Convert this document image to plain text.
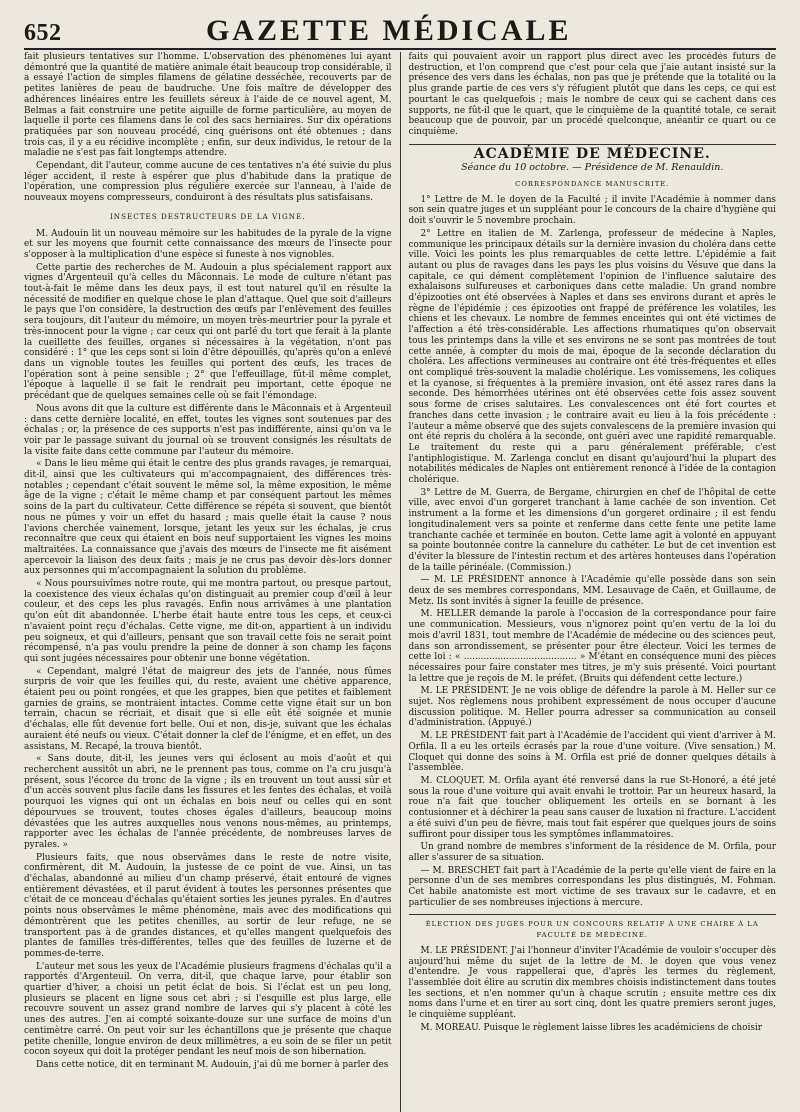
652	GAZETTE MÉDICALE

fait plusieurs tentatives sur l'homme. L'observation des phénomènes lui ayant démontré que la quantité de matière animale était beaucoup trop considérable, il a essayé l'action de simples filamens de gélatine desséchée, recouverts par de petites lanières de peau de baudruche. Une fois maître de développer des adhérences linéaires entre les feuillets séreux à l'aide de ce nouvel agent, M. Belmas a fait construire une petite aiguille de forme particulière, au moyen de laquelle il porte ces filamens dans le col des sacs herniaires. Sur dix opérations pratiquées par son nouveau procédé, cinq guérisons ont été obtenues ; dans trois cas, il y a eu récidive incomplète ; enfin, sur deux individus, le retour de la maladie ne s'est pas fait longtemps attendre.

Cependant, dit l'auteur, comme aucune de ces tentatives n'a été suivie du plus léger accident, il reste à espérer que plus d'habitude dans la pratique de l'opération, une compression plus régulière exercée sur l'anneau, à l'aide de nouveaux moyens compresseurs, conduiront à des résultats plus satisfaisans.

INSECTES DESTRUCTEURS DE LA VIGNE.

M. Audouin lit un nouveau mémoire sur les habitudes de la pyrale de la vigne et sur les moyens que fournit cette connaissance des mœurs de l'insecte pour s'opposer à la multiplication d'une espèce si funeste à nos vignobles.

Cette partie des recherches de M. Audouin a plus spécialement rapport aux vignes d'Argenteuil qu'à celles du Mâconnais. Le mode de culture n'étant pas tout-à-fait le même dans les deux pays, il est tout naturel qu'il en résulte la nécessité de modifier en quelque chose le plan d'attaque. Quel que soit d'ailleurs le pays que l'on considère, la destruction des œufs par l'enlèvement des feuilles sera toujours, dit l'auteur du mémoire, un moyen très-meurtrier pour la pyrale et très-innocent pour la vigne ; car ceux qui ont parlé du tort que ferait à la plante la cueillette des feuilles, organes si nécessaires à la végétation, n'ont pas considéré : 1° que les ceps sont si loin d'être dépouillés, qu'après qu'on a enlevé dans un vignoble toutes les feuilles qui portent des œufs, les traces de l'opération sont à peine sensible ; 2° que l'effeuillage, fût-il même complet, l'époque à laquelle il se fait le rendrait peu important, cette époque ne précédant que de quelques semaines celle où se fait l'émondage.

Nous avons dit que la culture est différente dans le Mâconnais et à Argenteuil : dans cette dernière localité, en effet, toutes les vignes sont soutenues par des échalas ; or, la présence de ces supports n'est pas indifférente, ainsi qu'on va le voir par le passage suivant du journal où se trouvent consignés les résultats de la visite faite dans cette commune par l'auteur du mémoire.

« Dans le lieu même qui était le centre des plus grands ravages, je remarquai, dit-il, ainsi que les cultivateurs qui m'accompagnaient, des différences très-notables ; cependant c'était souvent le même sol, la même exposition, le même âge de la vigne ; c'était le même champ et par conséquent partout les mêmes soins de la part du cultivateur. Cette différence se répéta si souvent, que bientôt nous ne pûmes y voir un effet du hasard ; mais quelle était la cause ? nous l'avions cherchée vainement, lorsque, jetant les yeux sur les échalas, je crus reconnaître que ceux qui étaient en bois neuf supportaient les vignes les moins maltraitées. La connaissance que j'avais des mœurs de l'insecte me fit aisément apercevoir la liaison des deux faits ; mais je ne crus pas devoir dès-lors donner aux personnes qui m'accompagnaient la solution du problème.

« Nous poursuivîmes notre route, qui me montra partout, ou presque partout, la coexistence des vieux échalas qu'on distinguait au premier coup d'œil à leur couleur, et des ceps les plus ravagés. Enfin nous arrivâmes à une plantation qu'on eût dit abandonnée. L'herbe était haute entre tous les ceps, et ceux-ci n'avaient point reçu d'échalas. Cette vigne, me dit-on, appartient à un individu peu soigneux, et qui d'ailleurs, pensant que son travail cette fois ne serait point récompensé, n'a pas voulu prendre la peine de donner à son champ les façons qui sont jugées nécessaires pour obtenir une bonne végétation.

« Cependant, malgré l'état de maigreur des jets de l'année, nous fûmes surpris de voir que les feuilles qui, du reste, avaient une chétive apparence, étaient peu ou point rongées, et que les grappes, bien que petites et faiblement garnies de grains, se montraient intactes. Comme cette vigne était sur un bon terrain, chacun se récriait, et disait que si elle eût été soignée et munie d'échalas, elle fût devenue fort belle. Oui et non, dis-je, suivant que les échalas auraient été neufs ou vieux. C'était donner la clef de l'énigme, et en effet, un des assistans, M. Recapé, la trouva bientôt.

« Sans doute, dit-il, les jeunes vers qui éclosent au mois d'août et qui recherchent aussitôt un abri, ne le prennent pas tous, comme on l'a cru jusqu'à présent, sous l'écorce du tronc de la vigne ; ils en trouvent un tout aussi sûr et d'un accès souvent plus facile dans les fissures et les fentes des échalas, et voilà pourquoi les vignes qui ont un échalas en bois neuf ou celles qui en sont dépourvues se trouvent, toutes choses égales d'ailleurs, beaucoup moins dévastées que les autres auxquelles nous venons nous-mêmes, au printemps, rapporter avec les échalas de l'année précédente, de nombreuses larves de pyrales. »

Plusieurs faits, que nous observâmes dans le reste de notre visite, confirmèrent, dit M. Audouin, la justesse de ce point de vue. Ainsi, un tas d'échalas, abandonné au milieu d'un champ préservé, était entouré de vignes entièrement dévastées, et il parut évident à toutes les personnes présentes que c'était de ce monceau d'échalas qu'étaient sorties les jeunes pyrales. En d'autres points nous observâmes le même phénomène, mais avec des modifications qui démontrèrent que les petites chenilles, au sortir de leur refuge, ne se transportent pas à de grandes distances, et qu'elles mangent quelquefois des plantes de familles très-différentes, telles que des feuilles de luzerne et de pommes-de-terre.

L'auteur met sous les yeux de l'Académie plusieurs fragmens d'échalas qu'il a rapportés d'Argenteuil. On verra, dit-il, que chaque larve, pour établir son quartier d'hiver, a choisi un petit éclat de bois. Si l'éclat est un peu long, plusieurs se placent en ligne sous cet abri ; si l'esquille est plus large, elle recouvre souvent un assez grand nombre de larves qui s'y placent à côté les unes des autres. J'en ai compté soixante-douze sur une surface de moins d'un centimètre carré. On peut voir sur les échantillons que je présente que chaque petite chenille, longue environ de deux millimètres, a eu soin de se filer un petit cocon soyeux qui doit la protéger pendant les neuf mois de son hibernation.

Dans cette notice, dit en terminant M. Audouin, j'ai dû me borner à parler des

faits qui pouvaient avoir un rapport plus direct avec les procédés futurs de destruction, et l'on comprend que c'est pour cela que j'aie autant insisté sur la présence des vers dans les échalas, non pas que je prétende que la totalité ou la plus grande partie de ces vers s'y réfugient plutôt que dans les ceps, ce qui est pourtant le cas quelquefois ; mais le nombre de ceux qui se cachent dans ces supports, ne fût-il que le quart, que le cinquième de la quantité totale, ce serait beaucoup que de pouvoir, par un procédé quelconque, anéantir ce quart ou ce cinquième.

ACADÉMIE DE MÉDECINE.
Séance du 10 octobre. — Présidence de M. Renauldin.
CORRESPONDANCE MANUSCRITE.

1° Lettre de M. le doyen de la Faculté ; il invite l'Académie à nommer dans son sein quatre juges et un suppléant pour le concours de la chaire d'hygiène qui doit s'ouvrir le 5 novembre prochain.

2° Lettre en italien de M. Zarlenga, professeur de médecine à Naples, communique les principaux détails sur la dernière invasion du choléra dans cette ville. Voici les points les plus remarquables de cette lettre. L'épidémie a fait autant ou plus de ravages dans les pays les plus voisins du Vésuve que dans la capitale, ce qui dément complètement l'opinion de l'influence salutaire des exhalaisons sulfureuses et carboniques dans cette maladie. Un grand nombre d'épizooties ont été observées à Naples et dans ses environs durant et après le règne de l'épidémie ; ces épizooties ont frappé de préférence les volatiles, les chiens et les chevaux. Le nombre de femmes enceintes qui ont été victimes de l'affection a été très-considérable. Les affections rhumatiques qu'on observait tous les printemps dans la ville et ses environs ne se sont pas montrées de tout cette année, à compter du mois de mai, époque de la seconde déclaration du choléra. Les affections vermineuses au contraire ont été très-fréquentes et elles ont compliqué très-souvent la maladie cholérique. Les vomissemens, les coliques et la cyanose, si fréquentes à la première invasion, ont été assez rares dans la seconde. Des hémorrhées utérines ont été observées cette fois assez souvent sous forme de crises salutaires. Les convalescences ont été fort courtes et franches dans cette invasion ; le contraire avait eu lieu à la fois précédente : l'auteur a même observé que des sujets convalescens de la première invasion qui ont été repris du choléra à la seconde, ont guéri avec une rapidité remarquable. Le traitement du reste qui a paru généralement préférable, c'est l'antiphlogistique. M. Zarlenga conclut en disant qu'aujourd'hui la plupart des notabilités médicales de Naples ont entièrement renoncé à l'idée de la contagion cholérique.

3° Lettre de M. Guerra, de Bergame, chirurgien en chef de l'hôpital de cette ville, avec envoi d'un gorgeret tranchant à lame cachée de son invention. Cet instrument a la forme et les dimensions d'un gorgeret ordinaire ; il est fendu longitudinalement vers sa pointe et renferme dans cette fente une petite lame tranchante cachée et terminée en bouton. Cette lame agit à volonté en appuyant sa pointe boutonnée contre la cannelure du cathéter. Le but de cet invention est d'éviter la blessure de l'intestin rectum et des artères honteuses dans l'opération de la taille périnéale. (Commission.)

— M. LE PRÉSIDENT annonce à l'Académie qu'elle possède dans son sein deux de ses membres correspondans, MM. Lesauvage de Caën, et Guillaume, de Metz. Ils sont invités à signer la feuille de présence.

M. HELLER demande la parole à l'occasion de la correspondance pour faire une communication. Messieurs, vous n'ignorez point qu'en vertu de la loi du mois d'avril 1831, tout membre de l'Académie de médecine ou des sciences peut, dans son arrondissement, se présenter pour être électeur. Voici les termes de cette loi : « ........................................ » M'étant en conséquence muni des pièces nécessaires pour faire constater mes titres, je m'y suis présenté. Voici pourtant la lettre que je reçois de M. le préfet. (Bruits qui défendent cette lecture.)

M. LE PRÉSIDENT. Je ne vois oblige de défendre la parole à M. Heller sur ce sujet. Nos règlemens nous prohibent expressément de nous occuper d'aucune discussion politique. M. Heller pourra adresser sa communication au conseil d'administration. (Appuyé.)

M. LE PRÉSIDENT fait part à l'Académie de l'accident qui vient d'arriver à M. Orfila. Il a eu les orteils écrasés par la roue d'une voiture. (Vive sensation.) M. Cloquet qui donne des soins à M. Orfila est prié de donner quelques détails à l'assemblée.

M. CLOQUET. M. Orfila ayant été renversé dans la rue St-Honoré, a été jeté sous la roue d'une voiture qui avait envahi le trottoir. Par un heureux hasard, la roue n'a fait que toucher obliquement les orteils en se bornant à les contusionner et à déchirer la peau sans causer de luxation ni fracture. L'accident a été suivi d'un peu de fièvre, mais tout fait espérer que quelques jours de soins suffiront pour dissiper tous les symptômes inflammatoires.

Un grand nombre de membres s'informent de la résidence de M. Orfila, pour aller s'assurer de sa situation.

— M. BRESCHET fait part à l'Académie de la perte qu'elle vient de faire en la personne d'un de ses membres correspondans les plus distingués, M. Fohman. Cet habile anatomiste est mort victime de ses travaux sur le cadavre, et en particulier de ses nombreuses injections à mercure.

ÉLECTION DES JUGES POUR UN CONCOURS RELATIF À UNE CHAIRE À LA FACULTÉ DE MÉDECINE.

M. LE PRÉSIDENT. J'ai l'honneur d'inviter l'Académie de vouloir s'occuper dès aujourd'hui même du sujet de la lettre de M. le doyen que vous venez d'entendre. Je vous rappellerai que, d'après les termes du règlement, l'assemblée doit élire au scrutin dix membres choisis indistinctement dans toutes les sections, et n'en nommer qu'un à chaque scrutin ; ensuite mettre ces dix noms dans l'urne et en tirer au sort cinq, dont les quatre premiers seront juges, le cinquième suppléant.

M. MOREAU. Puisque le règlement laisse libres les académiciens de choisir
